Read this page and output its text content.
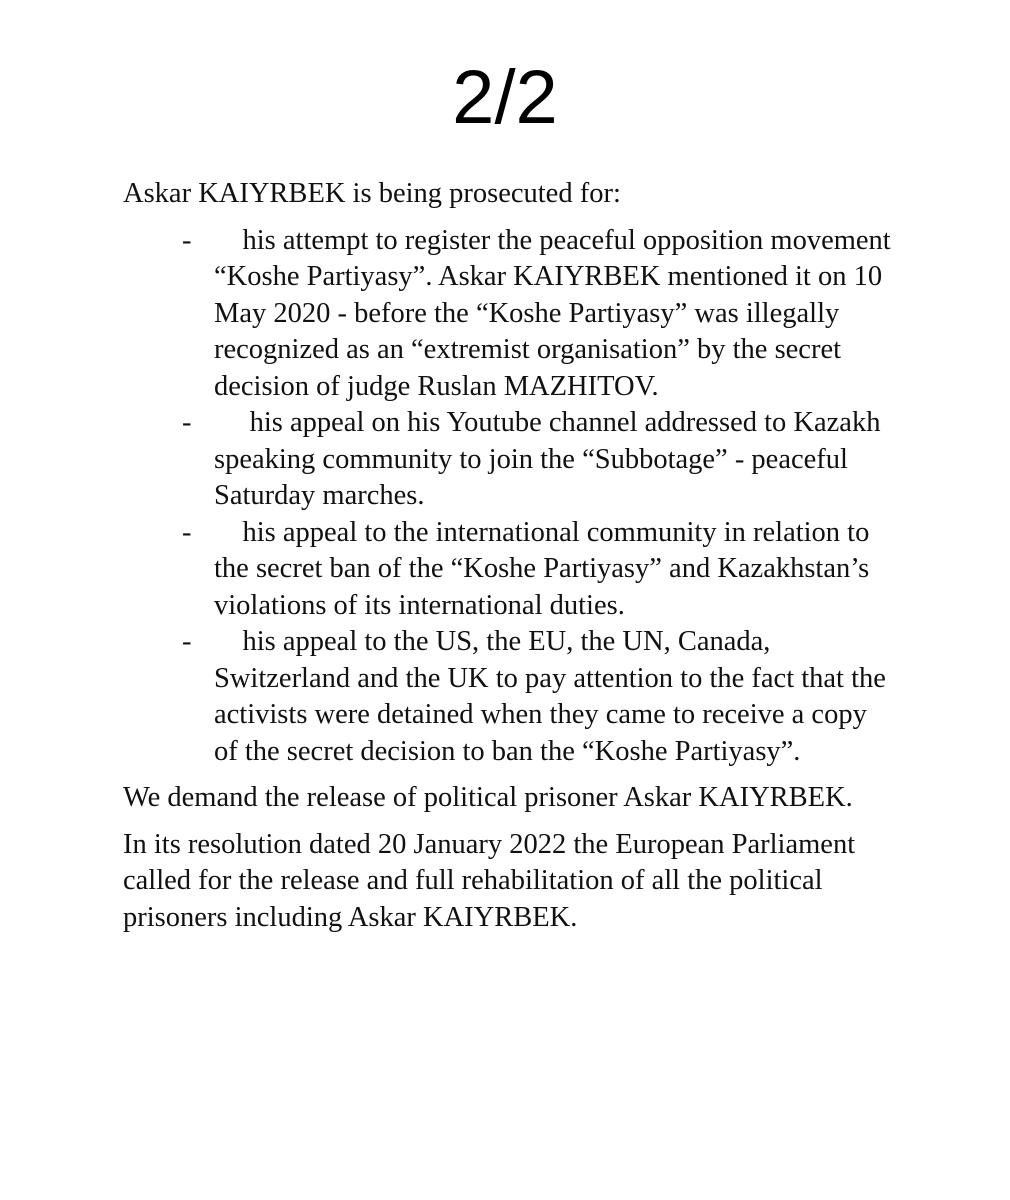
2/2

Askar KAIYRBEK is being prosecuted for:

- his attempt to register the peaceful opposition movement “Koshe Partiyasy”. Askar KAIYRBEK mentioned it on 10 May 2020 - before the “Koshe Partiyasy” was illegally recognized as an “extremist organisation” by the secret decision of judge Ruslan MAZHITOV.
- his appeal on his Youtube channel addressed to Kazakh speaking community to join the “Subbotage” - peaceful Saturday marches.
- his appeal to the international community in relation to the secret ban of the “Koshe Partiyasy” and Kazakhstan’s violations of its international duties.
- his appeal to the US, the EU, the UN, Canada, Switzerland and the UK to pay attention to the fact that the activists were detained when they came to receive a copy of the secret decision to ban the “Koshe Partiyasy”.

We demand the release of political prisoner Askar KAIYRBEK.

In its resolution dated 20 January 2022 the European Parliament called for the release and full rehabilitation of all the political prisoners including Askar KAIYRBEK.
